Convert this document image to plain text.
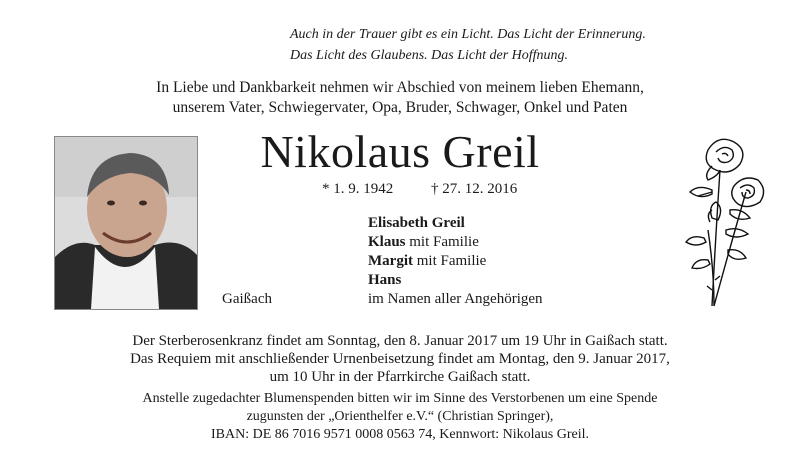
Auch in der Trauer gibt es ein Licht. Das Licht der Erinnerung.
Das Licht des Glaubens. Das Licht der Hoffnung.
In Liebe und Dankbarkeit nehmen wir Abschied von meinem lieben Ehemann,
unserem Vater, Schwiegervater, Opa, Bruder, Schwager, Onkel und Paten
Nikolaus Greil
* 1. 9. 1942	† 27. 12. 2016
Elisabeth Greil
Klaus mit Familie
Margit mit Familie
Hans
im Namen aller Angehörigen
Gaißach
Der Sterberosenkranz findet am Sonntag, den 8. Januar 2017 um 19 Uhr in Gaißach statt.
Das Requiem mit anschließender Urnenbeisetzung findet am Montag, den 9. Januar 2017,
um 10 Uhr in der Pfarrkirche Gaißach statt.
Anstelle zugedachter Blumenspenden bitten wir im Sinne des Verstorbenen um eine Spende
zugunsten der „Orienthelfer e.V.“ (Christian Springer),
IBAN: DE 86 7016 9571 0008 0563 74, Kennwort: Nikolaus Greil.
